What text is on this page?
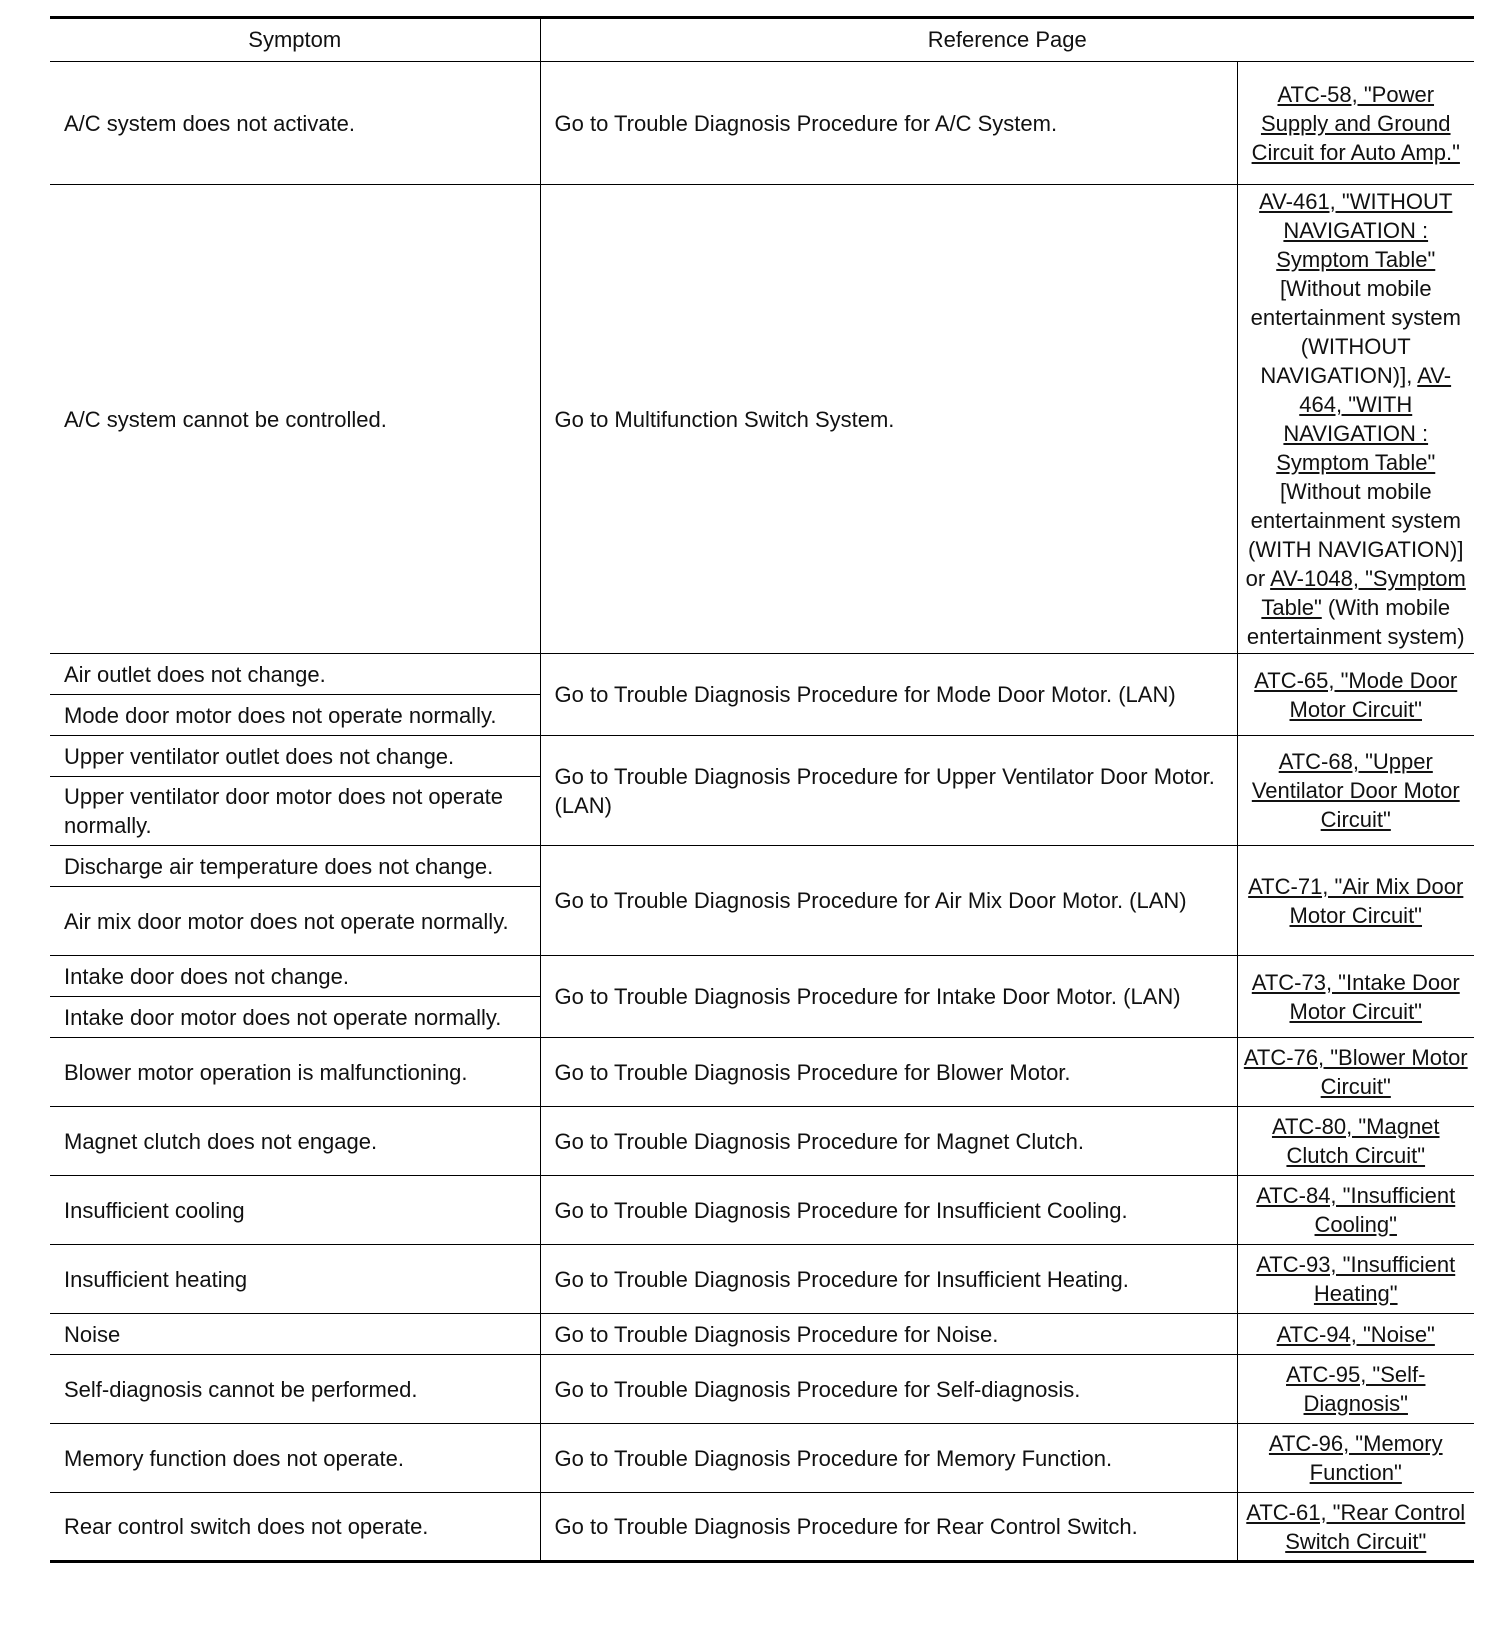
Symptom	Reference Page	
A/C system does not activate.	Go to Trouble Diagnosis Procedure for A/C System.	ATC-58, "Power Supply and Ground Circuit for Auto Amp."
A/C system cannot be controlled.	Go to Multifunction Switch System.	AV-461, "WITHOUT NAVIGATION : Symptom Table" [Without mobile entertainment system (WITHOUT NAVIGATION)], AV-464, "WITH NAVIGATION : Symptom Table" [Without mobile entertainment system (WITH NAVIGATION)] or AV-1048, "Symptom Table" (With mobile entertainment system)
Air outlet does not change.	Go to Trouble Diagnosis Procedure for Mode Door Motor. (LAN)	ATC-65, "Mode Door Motor Circuit"
Mode door motor does not operate normally.		
Upper ventilator outlet does not change.	Go to Trouble Diagnosis Procedure for Upper Ventilator Door Motor. (LAN)	ATC-68, "Upper Ventilator Door Motor Circuit"
Upper ventilator door motor does not operate normally.		
Discharge air temperature does not change.	Go to Trouble Diagnosis Procedure for Air Mix Door Motor. (LAN)	ATC-71, "Air Mix Door Motor Circuit"
Air mix door motor does not operate normally.		
Intake door does not change.	Go to Trouble Diagnosis Procedure for Intake Door Motor. (LAN)	ATC-73, "Intake Door Motor Circuit"
Intake door motor does not operate normally.		
Blower motor operation is malfunctioning.	Go to Trouble Diagnosis Procedure for Blower Motor.	ATC-76, "Blower Motor Circuit"
Magnet clutch does not engage.	Go to Trouble Diagnosis Procedure for Magnet Clutch.	ATC-80, "Magnet Clutch Circuit"
Insufficient cooling	Go to Trouble Diagnosis Procedure for Insufficient Cooling.	ATC-84, "Insufficient Cooling"
Insufficient heating	Go to Trouble Diagnosis Procedure for Insufficient Heating.	ATC-93, "Insufficient Heating"
Noise	Go to Trouble Diagnosis Procedure for Noise.	ATC-94, "Noise"
Self-diagnosis cannot be performed.	Go to Trouble Diagnosis Procedure for Self-diagnosis.	ATC-95, "Self-Diagnosis"
Memory function does not operate.	Go to Trouble Diagnosis Procedure for Memory Function.	ATC-96, "Memory Function"
Rear control switch does not operate.	Go to Trouble Diagnosis Procedure for Rear Control Switch.	ATC-61, "Rear Control Switch Circuit"
